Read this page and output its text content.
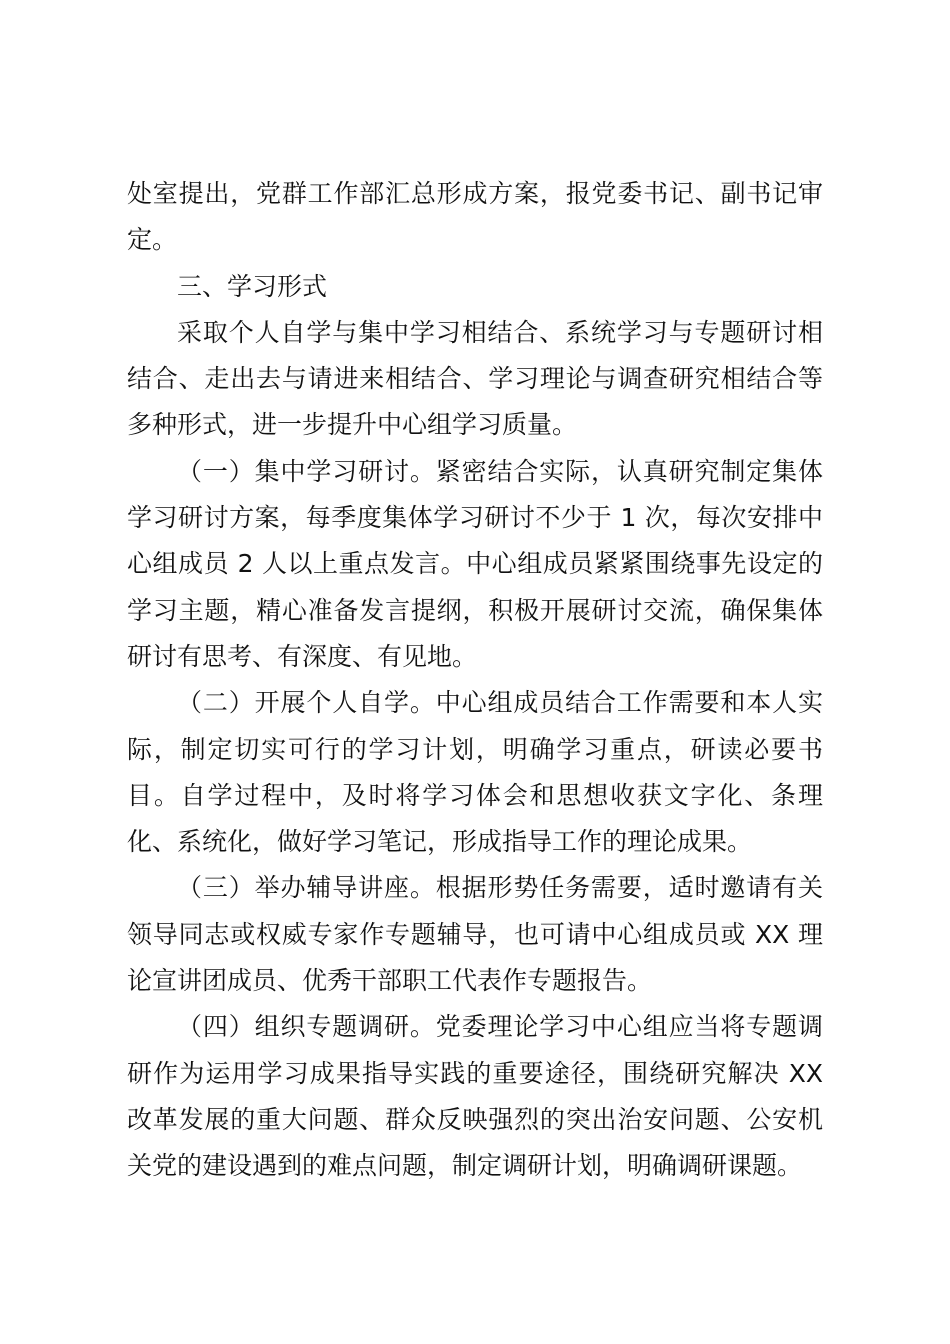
处室提出，党群工作部汇总形成方案，报党委书记、副书记审定。

三、学习形式

采取个人自学与集中学习相结合、系统学习与专题研讨相结合、走出去与请进来相结合、学习理论与调查研究相结合等多种形式，进一步提升中心组学习质量。

（一）集中学习研讨。紧密结合实际，认真研究制定集体学习研讨方案，每季度集体学习研讨不少于 1 次，每次安排中心组成员 2 人以上重点发言。中心组成员紧紧围绕事先设定的学习主题，精心准备发言提纲，积极开展研讨交流，确保集体研讨有思考、有深度、有见地。

（二）开展个人自学。中心组成员结合工作需要和本人实际，制定切实可行的学习计划，明确学习重点，研读必要书目。自学过程中，及时将学习体会和思想收获文字化、条理化、系统化，做好学习笔记，形成指导工作的理论成果。

（三）举办辅导讲座。根据形势任务需要，适时邀请有关领导同志或权威专家作专题辅导，也可请中心组成员或 XX 理论宣讲团成员、优秀干部职工代表作专题报告。

（四）组织专题调研。党委理论学习中心组应当将专题调研作为运用学习成果指导实践的重要途径，围绕研究解决 XX 改革发展的重大问题、群众反映强烈的突出治安问题、公安机关党的建设遇到的难点问题，制定调研计划，明确调研课题。
